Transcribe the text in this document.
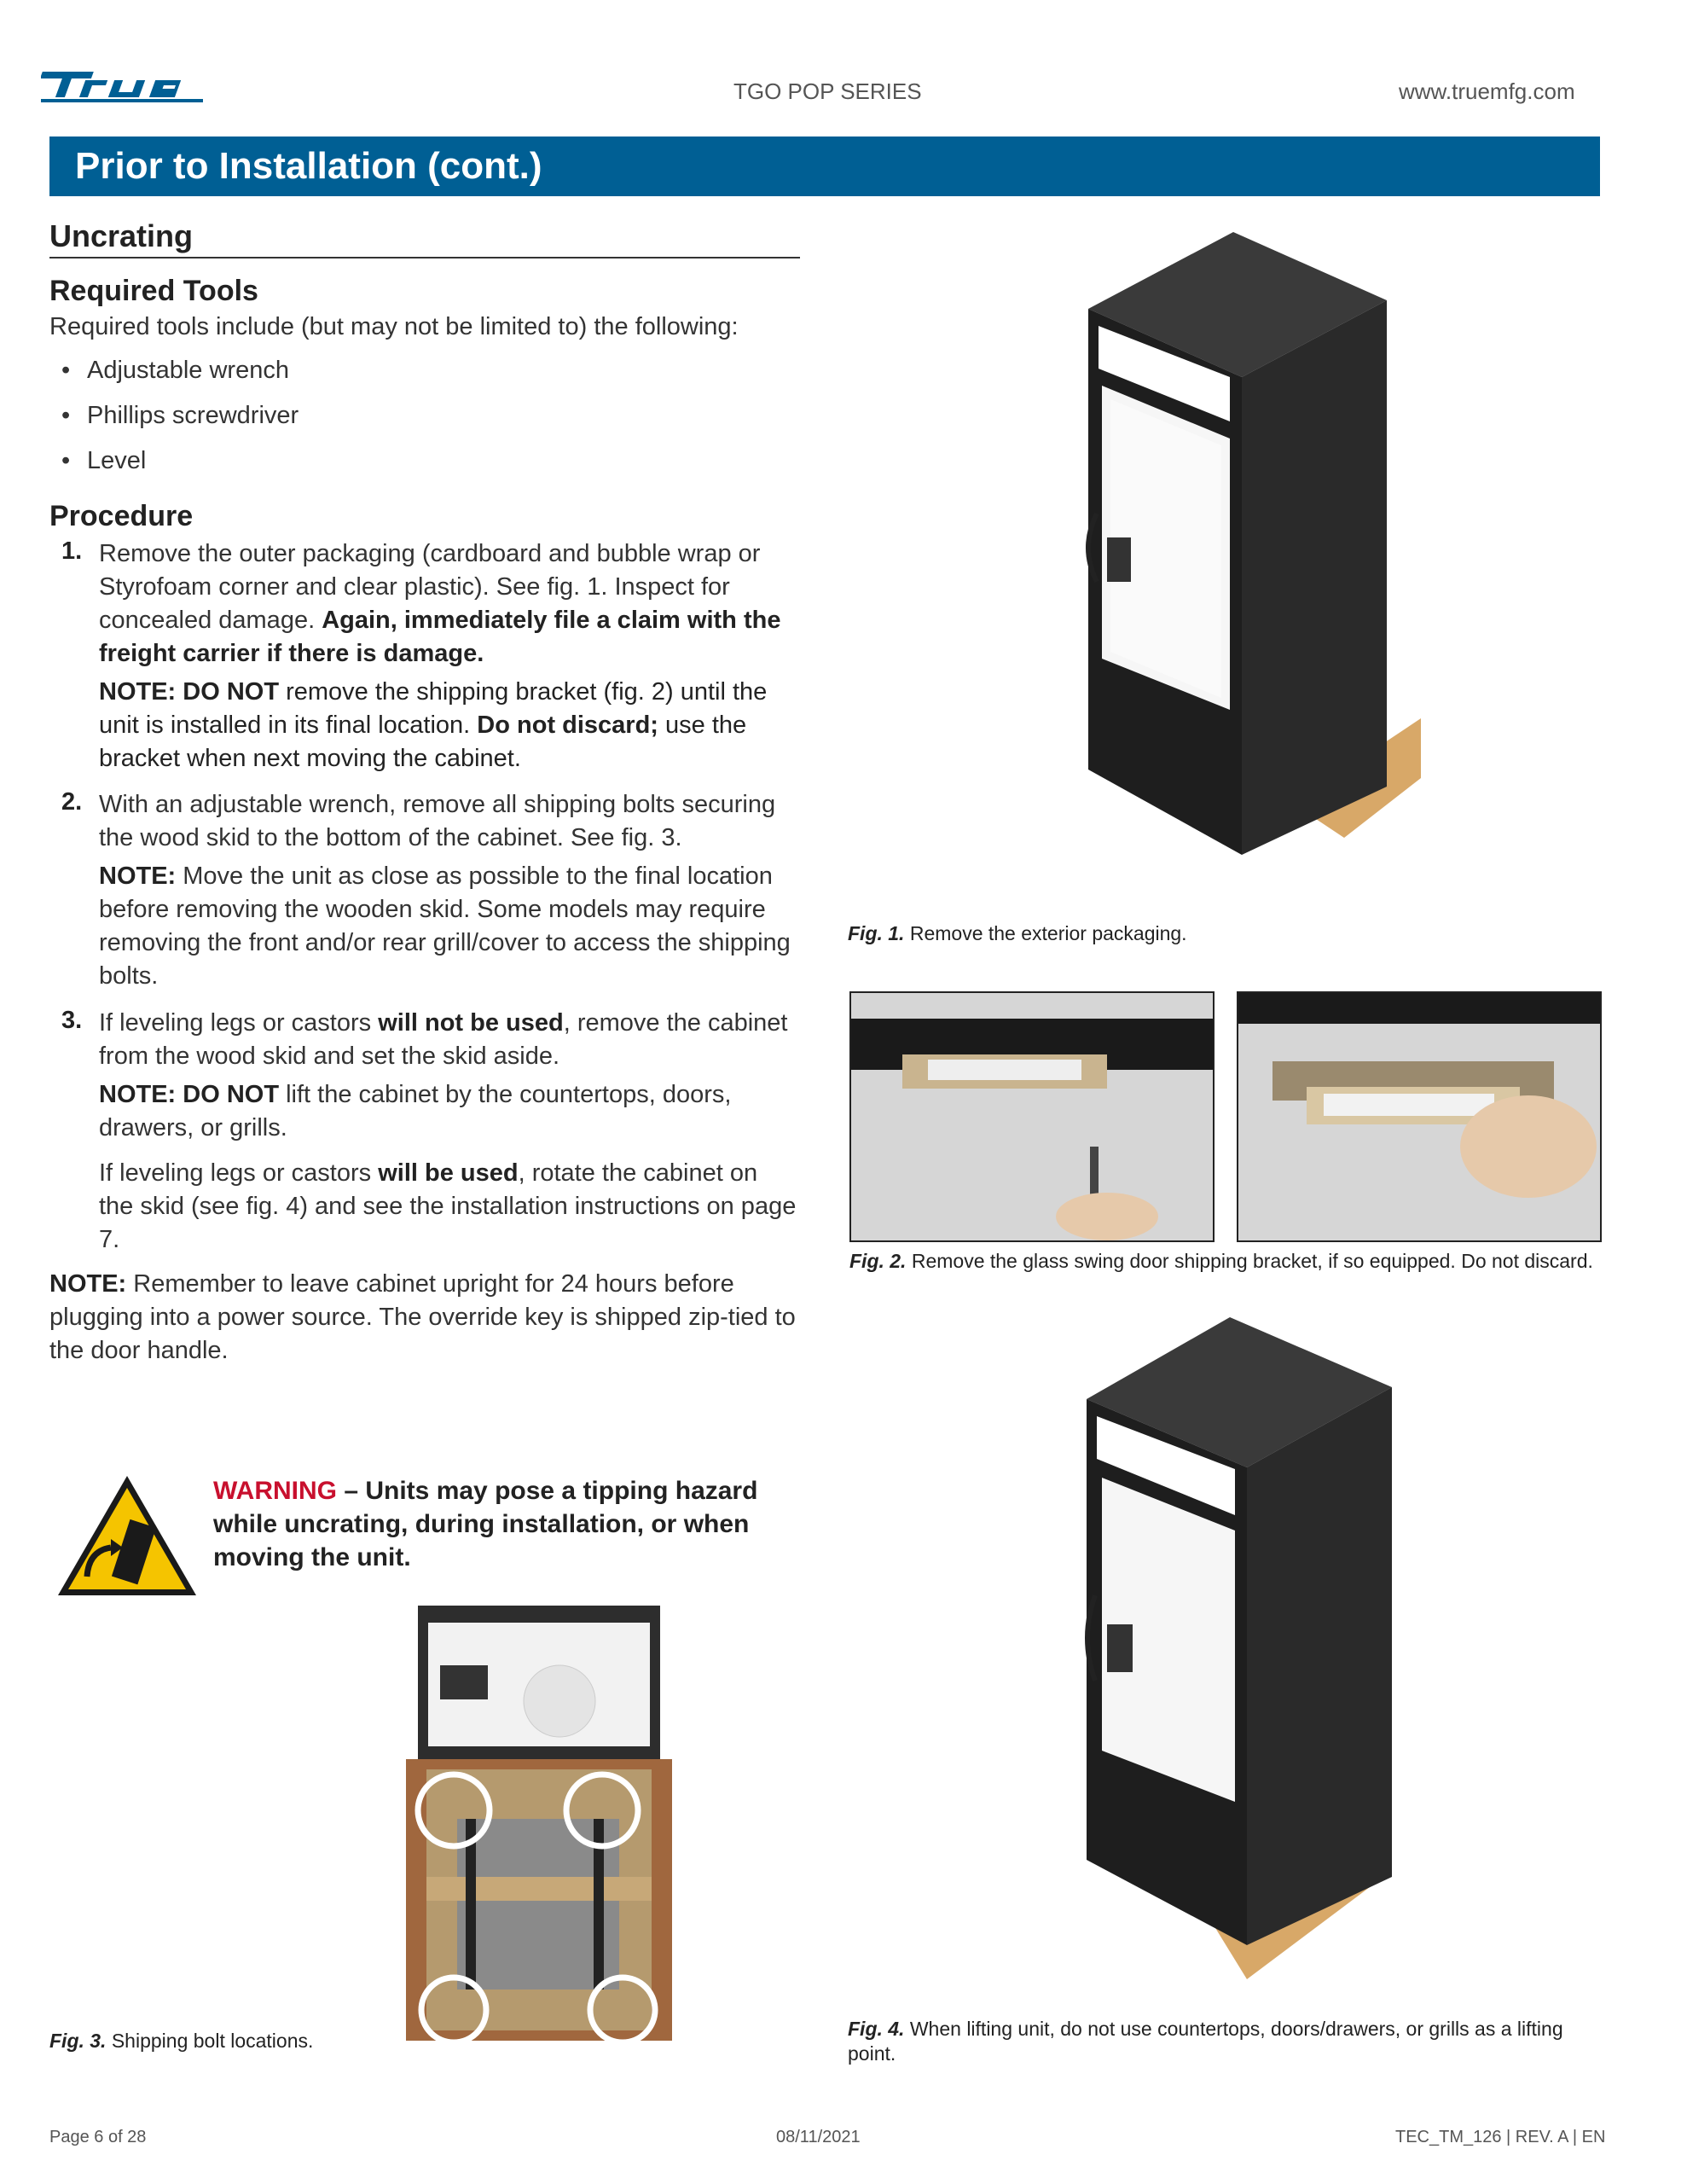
TGO POP SERIES	www.truemfg.com
Prior to Installation (cont.)
Uncrating
Required Tools
Required tools include (but may not be limited to) the following:
• Adjustable wrench
• Phillips screwdriver
• Level
Procedure
1. Remove the outer packaging (cardboard and bubble wrap or Styrofoam corner and clear plastic). See fig. 1. Inspect for concealed damage. Again, immediately file a claim with the freight carrier if there is damage.
NOTE: DO NOT remove the shipping bracket (fig. 2) until the unit is installed in its final location. Do not discard; use the bracket when next moving the cabinet.
2. With an adjustable wrench, remove all shipping bolts securing the wood skid to the bottom of the cabinet. See fig. 3.
NOTE: Move the unit as close as possible to the final location before removing the wooden skid. Some models may require removing the front and/or rear grill/cover to access the shipping bolts.
3. If leveling legs or castors will not be used, remove the cabinet from the wood skid and set the skid aside.
NOTE: DO NOT lift the cabinet by the countertops, doors, drawers, or grills.
If leveling legs or castors will be used, rotate the cabinet on the skid (see fig. 4) and see the installation instructions on page 7.
NOTE: Remember to leave cabinet upright for 24 hours before plugging into a power source. The override key is shipped zip-tied to the door handle.
WARNING – Units may pose a tipping hazard while uncrating, during installation, or when moving the unit.
Fig. 3. Shipping bolt locations.
Fig. 1. Remove the exterior packaging.
Fig. 2. Remove the glass swing door shipping bracket, if so equipped. Do not discard.
Fig. 4. When lifting unit, do not use countertops, doors/drawers, or grills as a lifting point.
Page 6 of 28	08/11/2021	TEC_TM_126 | REV. A | EN
